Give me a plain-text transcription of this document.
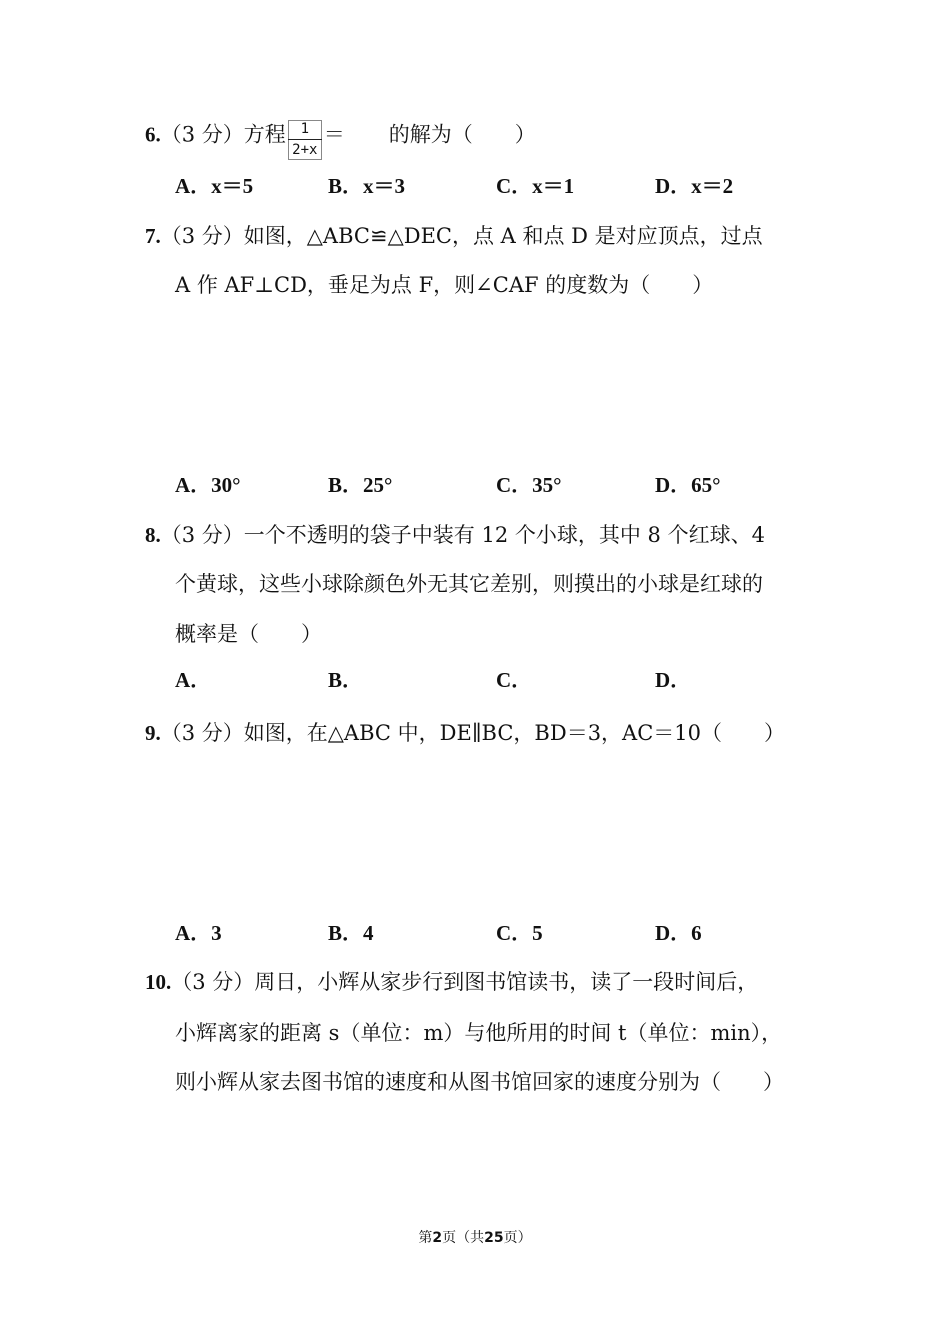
6.（3 分）方程 $\frac{1}{2+x}$ ＝ 的解为（　　）
A．x＝5	B．x＝3	C．x＝1	D．x＝2
7.（3 分）如图，△ABC≌△DEC，点 A 和点 D 是对应顶点，过点
A 作 AF⊥CD，垂足为点 F，则∠CAF 的度数为（　　）
A．30°	B．25°	C．35°	D．65°
8.（3 分）一个不透明的袋子中装有 12 个小球，其中 8 个红球、4
个黄球，这些小球除颜色外无其它差别，则摸出的小球是红球的
概率是（　　）
A．	B．	C．	D．
9.（3 分）如图，在△ABC 中，DE∥BC，BD＝3，AC＝10（　　）
A．3	B．4	C．5	D．6
10.（3 分）周日，小辉从家步行到图书馆读书，读了一段时间后，
小辉离家的距离 s（单位：m）与他所用的时间 t（单位：min），
则小辉从家去图书馆的速度和从图书馆回家的速度分别为（　　）
第2页（共25页）
